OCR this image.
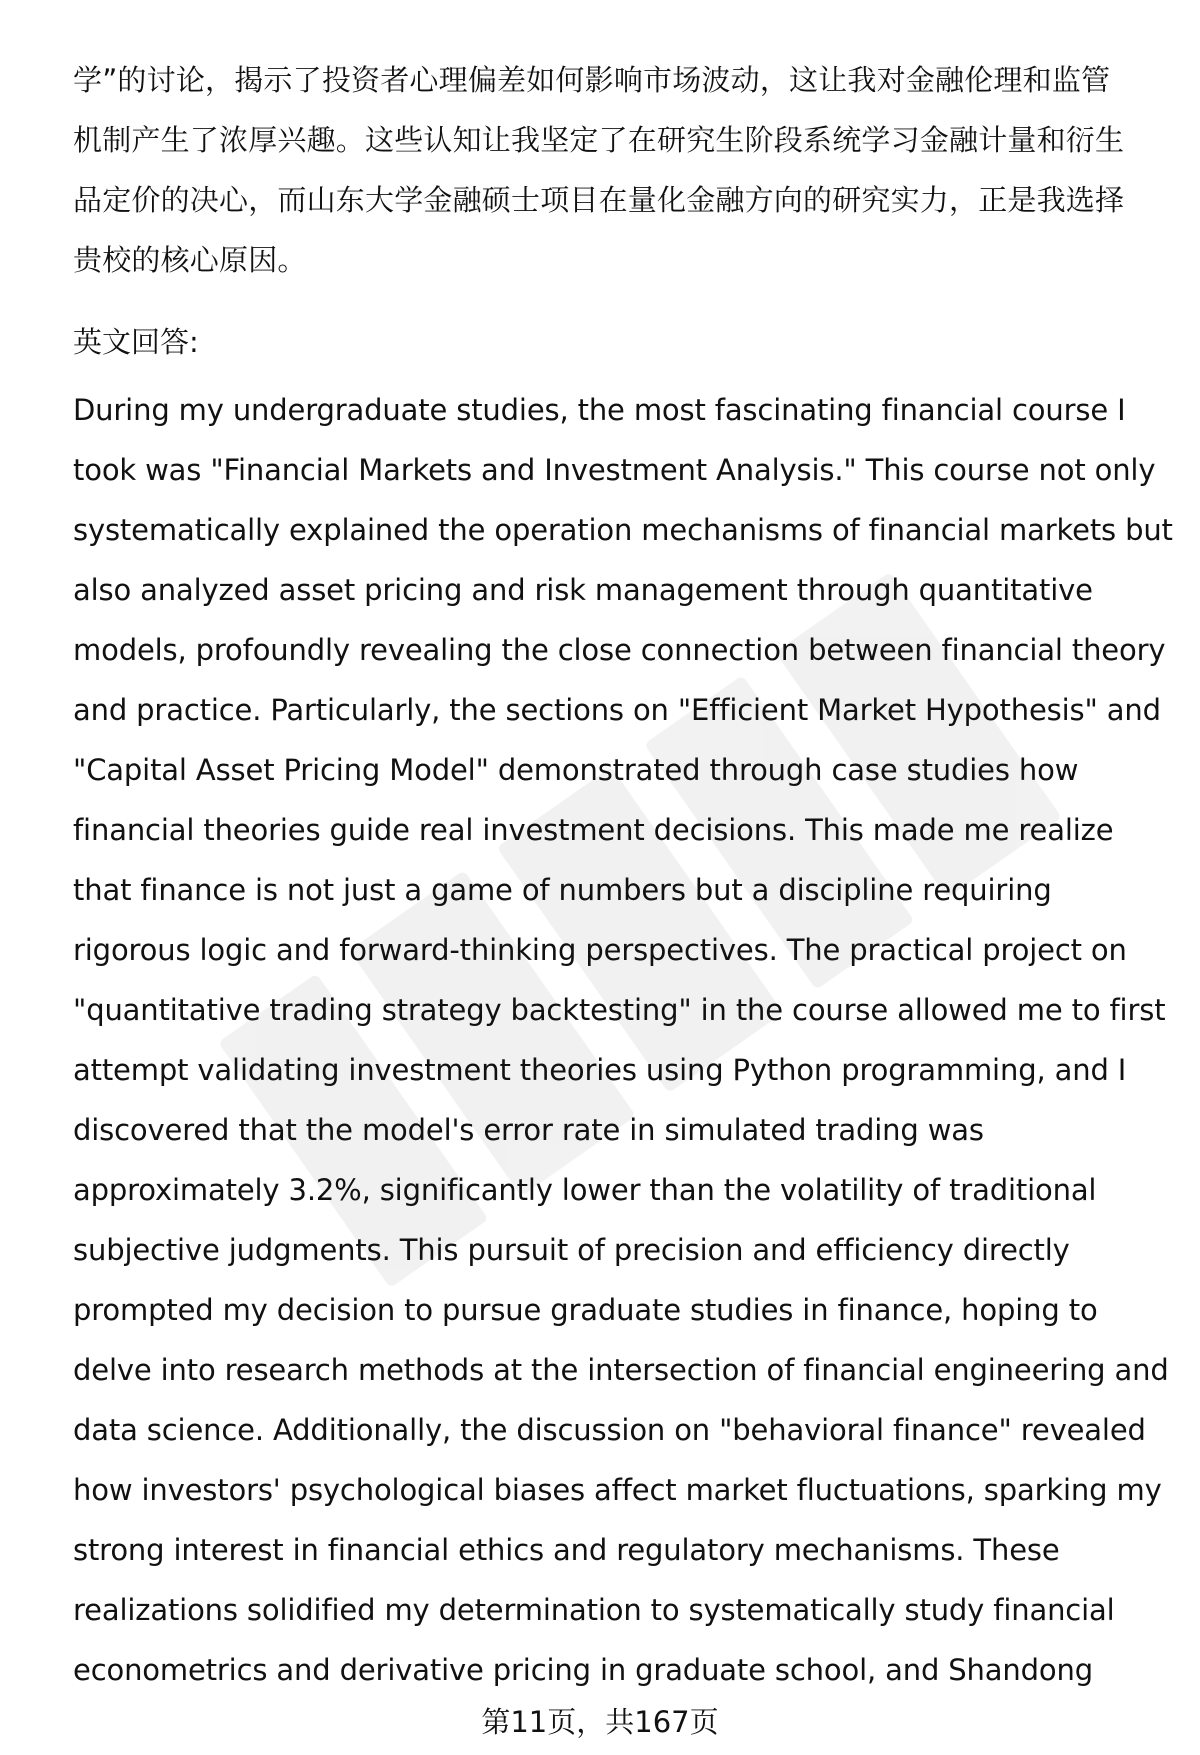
学”的讨论，揭示了投资者心理偏差如何影响市场波动，这让我对金融伦理和监管
机制产生了浓厚兴趣。这些认知让我坚定了在研究生阶段系统学习金融计量和衍生
品定价的决心，而山东大学金融硕士项目在量化金融方向的研究实力，正是我选择
贵校的核心原因。
英文回答:
During my undergraduate studies, the most fascinating financial course I
took was "Financial Markets and Investment Analysis." This course not only
systematically explained the operation mechanisms of financial markets but
also analyzed asset pricing and risk management through quantitative
models, profoundly revealing the close connection between financial theory
and practice. Particularly, the sections on "Efficient Market Hypothesis" and
"Capital Asset Pricing Model" demonstrated through case studies how
financial theories guide real investment decisions. This made me realize
that finance is not just a game of numbers but a discipline requiring
rigorous logic and forward-thinking perspectives. The practical project on
"quantitative trading strategy backtesting" in the course allowed me to first
attempt validating investment theories using Python programming, and I
discovered that the model's error rate in simulated trading was
approximately 3.2%, significantly lower than the volatility of traditional
subjective judgments. This pursuit of precision and efficiency directly
prompted my decision to pursue graduate studies in finance, hoping to
delve into research methods at the intersection of financial engineering and
data science. Additionally, the discussion on "behavioral finance" revealed
how investors' psychological biases affect market fluctuations, sparking my
strong interest in financial ethics and regulatory mechanisms. These
realizations solidified my determination to systematically study financial
econometrics and derivative pricing in graduate school, and Shandong
第11页，共167页
